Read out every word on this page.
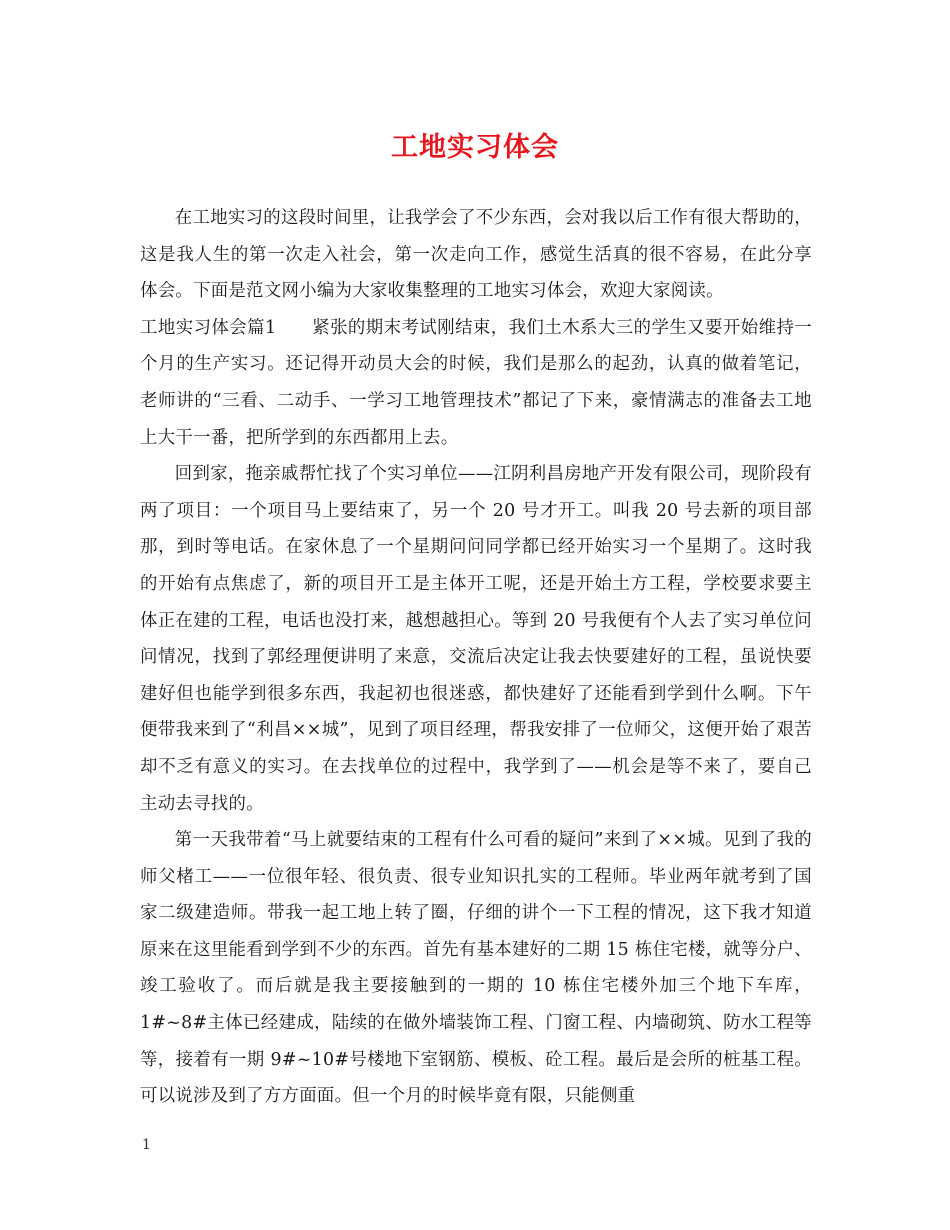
工地实习体会

在工地实习的这段时间里，让我学会了不少东西，会对我以后工作有很大帮助的，这是我人生的第一次走入社会，第一次走向工作，感觉生活真的很不容易，在此分享体会。下面是范文网小编为大家收集整理的工地实习体会，欢迎大家阅读。

工地实习体会篇1　　紧张的期末考试刚结束，我们土木系大三的学生又要开始维持一个月的生产实习。还记得开动员大会的时候，我们是那么的起劲，认真的做着笔记，老师讲的“三看、二动手、一学习工地管理技术”都记了下来，豪情满志的准备去工地上大干一番，把所学到的东西都用上去。

回到家，拖亲戚帮忙找了个实习单位——江阴利昌房地产开发有限公司，现阶段有两了项目：一个项目马上要结束了，另一个 20 号才开工。叫我 20 号去新的项目部那，到时等电话。在家休息了一个星期问问同学都已经开始实习一个星期了。这时我的开始有点焦虑了，新的项目开工是主体开工呢，还是开始土方工程，学校要求要主体正在建的工程，电话也没打来，越想越担心。等到 20 号我便有个人去了实习单位问问情况，找到了郭经理便讲明了来意，交流后决定让我去快要建好的工程，虽说快要建好但也能学到很多东西，我起初也很迷惑，都快建好了还能看到学到什么啊。下午便带我来到了“利昌××城”，见到了项目经理，帮我安排了一位师父，这便开始了艰苦却不乏有意义的实习。在去找单位的过程中，我学到了——机会是等不来了，要自己主动去寻找的。

第一天我带着“马上就要结束的工程有什么可看的疑问”来到了××城。见到了我的师父楮工——一位很年轻、很负责、很专业知识扎实的工程师。毕业两年就考到了国家二级建造师。带我一起工地上转了圈，仔细的讲个一下工程的情况，这下我才知道原来在这里能看到学到不少的东西。首先有基本建好的二期 15 栋住宅楼，就等分户、竣工验收了。而后就是我主要接触到的一期的 10 栋住宅楼外加三个地下车库，1#~8#主体已经建成，陆续的在做外墙装饰工程、门窗工程、内墙砌筑、防水工程等等，接着有一期 9#~10#号楼地下室钢筋、模板、砼工程。最后是会所的桩基工程。可以说涉及到了方方面面。但一个月的时候毕竟有限，只能侧重

1
